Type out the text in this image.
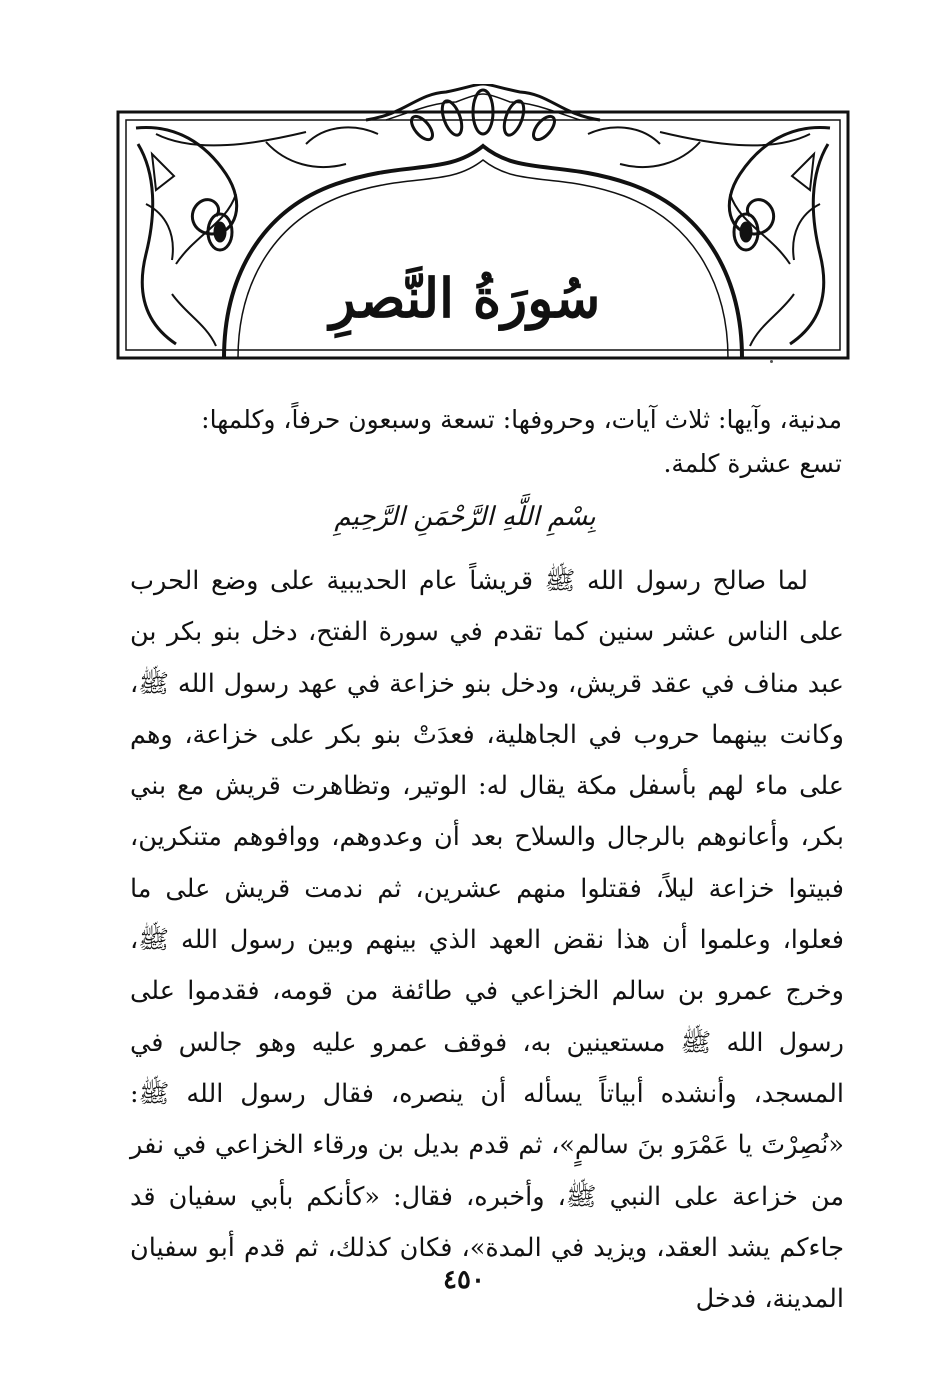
سُورَةُ النَّصرِ
مدنية، وآيها: ثلاث آيات، وحروفها: تسعة وسبعون حرفاً، وكلمها:
تسع عشرة كلمة.
بِسْمِ اللَّهِ الرَّحْمَنِ الرَّحِيمِ

لما صالح رسول الله ﷺ قريشاً عام الحديبية على وضع الحرب على الناس عشر سنين كما تقدم في سورة الفتح، دخل بنو بكر بن عبد مناف في عقد قريش، ودخل بنو خزاعة في عهد رسول الله ﷺ، وكانت بينهما حروب في الجاهلية، فعدَتْ بنو بكر على خزاعة، وهم على ماء لهم بأسفل مكة يقال له: الوتير، وتظاهرت قريش مع بني بكر، وأعانوهم بالرجال والسلاح بعد أن وعدوهم، ووافوهم متنكرين، فبيتوا خزاعة ليلاً، فقتلوا منهم عشرين، ثم ندمت قريش على ما فعلوا، وعلموا أن هذا نقض العهد الذي بينهم وبين رسول الله ﷺ، وخرج عمرو بن سالم الخزاعي في طائفة من قومه، فقدموا على رسول الله ﷺ مستعينين به، فوقف عمرو عليه وهو جالس في المسجد، وأنشده أبياتاً يسأله أن ينصره، فقال رسول الله ﷺ: «نُصِرْتَ يا عَمْرَو بنَ سالمٍ»، ثم قدم بديل بن ورقاء الخزاعي في نفر من خزاعة على النبي ﷺ، وأخبره، فقال: «كأنكم بأبي سفيان قد جاءكم يشد العقد، ويزيد في المدة»، فكان كذلك، ثم قدم أبو سفيان المدينة، فدخل

٤٥٠
